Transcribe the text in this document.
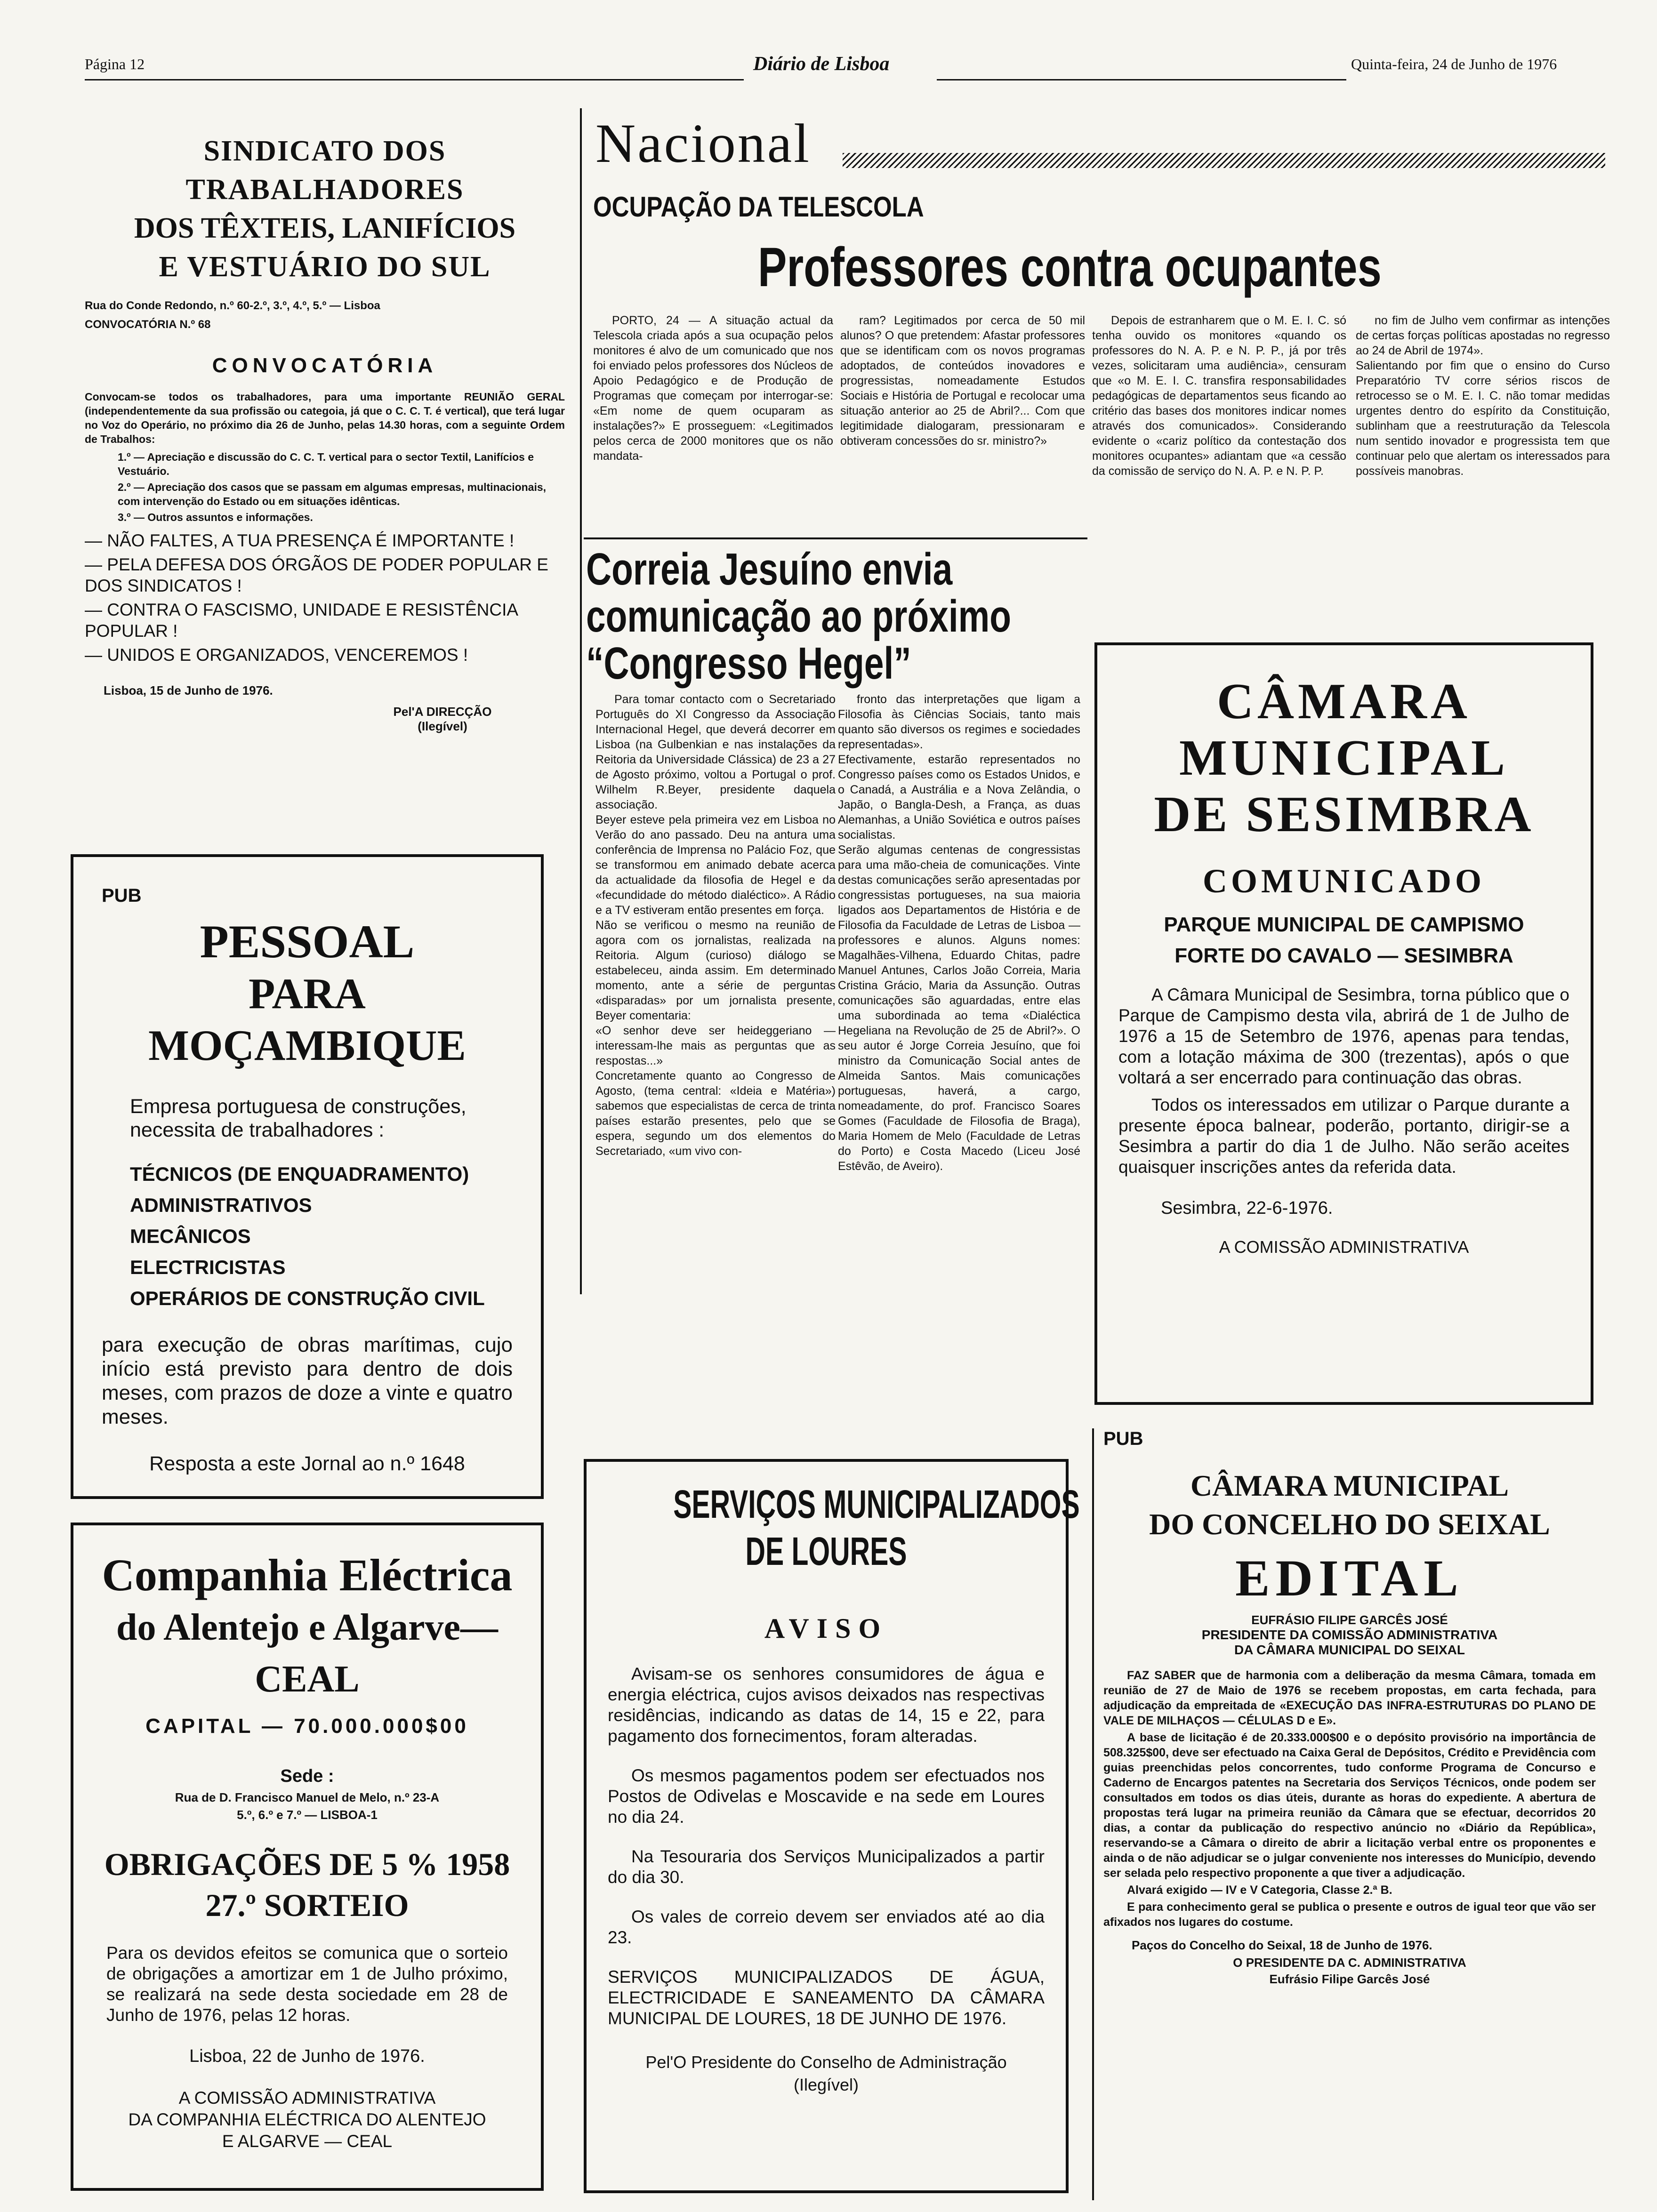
Página 12	Diário de Lisboa	Quinta-feira, 24 de Junho de 1976
SINDICATO DOS TRABALHADORES
DOS TÊXTEIS, LANIFÍCIOS
E VESTUÁRIO DO SUL
Rua do Conde Redondo, n.º 60-2.º, 3.º, 4.º, 5.º — Lisboa
CONVOCATÓRIA N.º 68
CONVOCATÓRIA

Convocam-se todos os trabalhadores, para uma importante REUNIÃO GERAL (independentemente da sua profissão ou categoia, já que o C. C. T. é vertical), que terá lugar no Voz do Operário, no próximo dia 26 de Junho, pelas 14.30 horas, com a seguinte Ordem de Trabalhos:

1.º — Apreciação e discussão do C. C. T. vertical para o sector Textil, Lanifícios e Vestuário.
2.º — Apreciação dos casos que se passam em algumas empresas, multinacionais, com intervenção do Estado ou em situações idênticas.
3.º — Outros assuntos e informações.
— NÃO FALTES, A TUA PRESENÇA É IMPORTANTE !
— PELA DEFESA DOS ÓRGÃOS DE PODER POPULAR E DOS SINDICATOS !
— CONTRA O FASCISMO, UNIDADE E RESISTÊNCIA POPULAR !
— UNIDOS E ORGANIZADOS, VENCEREMOS !
Lisboa, 15 de Junho de 1976.
Pel'A DIRECÇÃO
(Ilegível)
PUB
PESSOAL
PARA MOÇAMBIQUE

Empresa portuguesa de construções, necessita de trabalhadores :

TÉCNICOS (DE ENQUADRAMENTO)
ADMINISTRATIVOS
MECÂNICOS
ELECTRICISTAS
OPERÁRIOS DE CONSTRUÇÃO CIVIL

para execução de obras marítimas, cujo início está previsto para dentro de dois meses, com prazos de doze a vinte e quatro meses.

Resposta a este Jornal ao n.º 1648
Companhia Eléctrica
do Alentejo e Algarve—CEAL
CAPITAL — 70.000.000$00
Sede :
Rua de D. Francisco Manuel de Melo, n.º 23-A
5.º, 6.º e 7.º — LISBOA-1
OBRIGAÇÕES DE 5 % 1958
27.º SORTEIO

Para os devidos efeitos se comunica que o sorteio de obrigações a amortizar em 1 de Julho próximo, se realizará na sede desta sociedade em 28 de Junho de 1976, pelas 12 horas.

Lisboa, 22 de Junho de 1976.
A COMISSÃO ADMINISTRATIVA
DA COMPANHIA ELÉCTRICA DO ALENTEJO
E ALGARVE — CEAL
Nacional
OCUPAÇÃO DA TELESCOLA
Professores contra ocupantes

PORTO, 24 — A situação actual da Telescola criada após a sua ocupação pelos monitores é alvo de um comunicado que nos foi enviado pelos professores dos Núcleos de Apoio Pedagógico e de Produção de Programas que começam por interrogar-se: «Em nome de quem ocuparam as instalações?» E prosseguem: «Legitimados pelos cerca de 2000 monitores que os não mandata-

ram? Legitimados por cerca de 50 mil alunos? O que pretendem: Afastar professores que se identificam com os novos programas adoptados, de conteúdos inovadores e progressistas, nomeadamente Estudos Sociais e História de Portugal e recolocar uma situação anterior ao 25 de Abril?... Com que legitimidade dialogaram, pressionaram e obtiveram concessões do sr. ministro?»

Depois de estranharem que o M. E. I. C. só tenha ouvido os monitores «quando os professores do N. A. P. e N. P. P., já por três vezes, solicitaram uma audiência», censuram que «o M. E. I. C. transfira responsabilidades pedagógicas de departamentos seus ficando ao critério das bases dos monitores indicar nomes através dos comunicados». Considerando evidente o «cariz político da contestação dos monitores ocupantes» adiantam que «a cessão da comissão de serviço do N. A. P. e N. P. P.

no fim de Julho vem confirmar as intenções de certas forças políticas apostadas no regresso ao 24 de Abril de 1974».
Salientando por fim que o ensino do Curso Preparatório TV corre sérios riscos de retrocesso se o M. E. I. C. não tomar medidas urgentes dentro do espírito da Constituição, sublinham que a reestruturação da Telescola num sentido inovador e progressista tem que continuar pelo que alertam os interessados para possíveis manobras.

Correia Jesuíno envia
comunicação ao próximo
“Congresso Hegel”

Para tomar contacto com o Secretariado Português do XI Congresso da Associação Internacional Hegel, que deverá decorrer em Lisboa (na Gulbenkian e nas instalações da Reitoria da Universidade Clássica) de 23 a 27 de Agosto próximo, voltou a Portugal o prof. Wilhelm R.Beyer, presidente daquela associação.
Beyer esteve pela primeira vez em Lisboa no Verão do ano passado. Deu na antura uma conferência de Imprensa no Palácio Foz, que se transformou em animado debate acerca da actualidade da filosofia de Hegel e da «fecundidade do método dialéctico». A Rádio e a TV estiveram então presentes em força.
Não se verificou o mesmo na reunião de agora com os jornalistas, realizada na Reitoria. Algum (curioso) diálogo se estabeleceu, ainda assim. Em determinado momento, ante a série de perguntas «disparadas» por um jornalista presente, Beyer comentaria:
«O senhor deve ser heideggeriano — interessam-lhe mais as perguntas que as respostas...»
Concretamente quanto ao Congresso de Agosto, (tema central: «Ideia e Matéria») sabemos que especialistas de cerca de trinta países estarão presentes, pelo que se espera, segundo um dos elementos do Secretariado, «um vivo con-

fronto das interpretações que ligam a Filosofia às Ciências Sociais, tanto mais quanto são diversos os regimes e sociedades representadas».
Efectivamente, estarão representados no Congresso países como os Estados Unidos, e o Canadá, a Austrália e a Nova Zelândia, o Japão, o Bangla-Desh, a França, as duas Alemanhas, a União Soviética e outros países socialistas.
Serão algumas centenas de congressistas para uma mão-cheia de comunicações. Vinte destas comunicações serão apresentadas por congressistas portugueses, na sua maioria ligados aos Departamentos de História e de Filosofia da Faculdade de Letras de Lisboa — professores e alunos. Alguns nomes: Magalhães-Vilhena, Eduardo Chitas, padre Manuel Antunes, Carlos João Correia, Maria Cristina Grácio, Maria da Assunção. Outras comunicações são aguardadas, entre elas uma subordinada ao tema «Dialéctica Hegeliana na Revolução de 25 de Abril?». O seu autor é Jorge Correia Jesuíno, que foi ministro da Comunicação Social antes de Almeida Santos. Mais comunicações portuguesas, haverá, a cargo, nomeadamente, do prof. Francisco Soares Gomes (Faculdade de Filosofia de Braga), Maria Homem de Melo (Faculdade de Letras do Porto) e Costa Macedo (Liceu José Estêvão, de Aveiro).

SERVIÇOS MUNICIPALIZADOS
DE LOURES
AVISO

Avisam-se os senhores consumidores de água e energia eléctrica, cujos avisos deixados nas respectivas residências, indicando as datas de 14, 15 e 22, para pagamento dos fornecimentos, foram alteradas.

Os mesmos pagamentos podem ser efectuados nos Postos de Odivelas e Moscavide e na sede em Loures no dia 24.

Na Tesouraria dos Serviços Municipalizados a partir do dia 30.

Os vales de correio devem ser enviados até ao dia 23.

SERVIÇOS MUNICIPALIZADOS DE ÁGUA, ELECTRICIDADE E SANEAMENTO DA CÂMARA MUNICIPAL DE LOURES, 18 DE JUNHO DE 1976.

Pel'O Presidente do Conselho de Administração
(Ilegível)
CÂMARA
MUNICIPAL
DE SESIMBRA
COMUNICADO
PARQUE MUNICIPAL DE CAMPISMO
FORTE DO CAVALO — SESIMBRA

A Câmara Municipal de Sesimbra, torna público que o Parque de Campismo desta vila, abrirá de 1 de Julho de 1976 a 15 de Setembro de 1976, apenas para tendas, com a lotação máxima de 300 (trezentas), após o que voltará a ser encerrado para continuação das obras.

Todos os interessados em utilizar o Parque durante a presente época balnear, poderão, portanto, dirigir-se a Sesimbra a partir do dia 1 de Julho. Não serão aceites quaisquer inscrições antes da referida data.

Sesimbra, 22-6-1976.
A COMISSÃO ADMINISTRATIVA
PUB
CÂMARA MUNICIPAL
DO CONCELHO DO SEIXAL
EDITAL
EUFRÁSIO FILIPE GARCÊS JOSÉ
PRESIDENTE DA COMISSÃO ADMINISTRATIVA
DA CÂMARA MUNICIPAL DO SEIXAL

FAZ SABER que de harmonia com a deliberação da mesma Câmara, tomada em reunião de 27 de Maio de 1976 se recebem propostas, em carta fechada, para adjudicação da empreitada de «EXECUÇÃO DAS INFRA-ESTRUTURAS DO PLANO DE VALE DE MILHAÇOS — CÉLULAS D e E».

A base de licitação é de 20.333.000$00 e o depósito provisório na importância de 508.325$00, deve ser efectuado na Caixa Geral de Depósitos, Crédito e Previdência com guias preenchidas pelos concorrentes, tudo conforme Programa de Concurso e Caderno de Encargos patentes na Secretaria dos Serviços Técnicos, onde podem ser consultados em todos os dias úteis, durante as horas do expediente. A abertura de propostas terá lugar na primeira reunião da Câmara que se efectuar, decorridos 20 dias, a contar da publicação do respectivo anúncio no «Diário da República», reservando-se a Câmara o direito de abrir a licitação verbal entre os proponentes e ainda o de não adjudicar se o julgar conveniente nos interesses do Município, devendo ser selada pelo respectivo proponente a que tiver a adjudicação.

Alvará exigido — IV e V Categoria, Classe 2.ª B.

E para conhecimento geral se publica o presente e outros de igual teor que vão ser afixados nos lugares do costume.

Paços do Concelho do Seixal, 18 de Junho de 1976.
O PRESIDENTE DA C. ADMINISTRATIVA
Eufrásio Filipe Garcês José
